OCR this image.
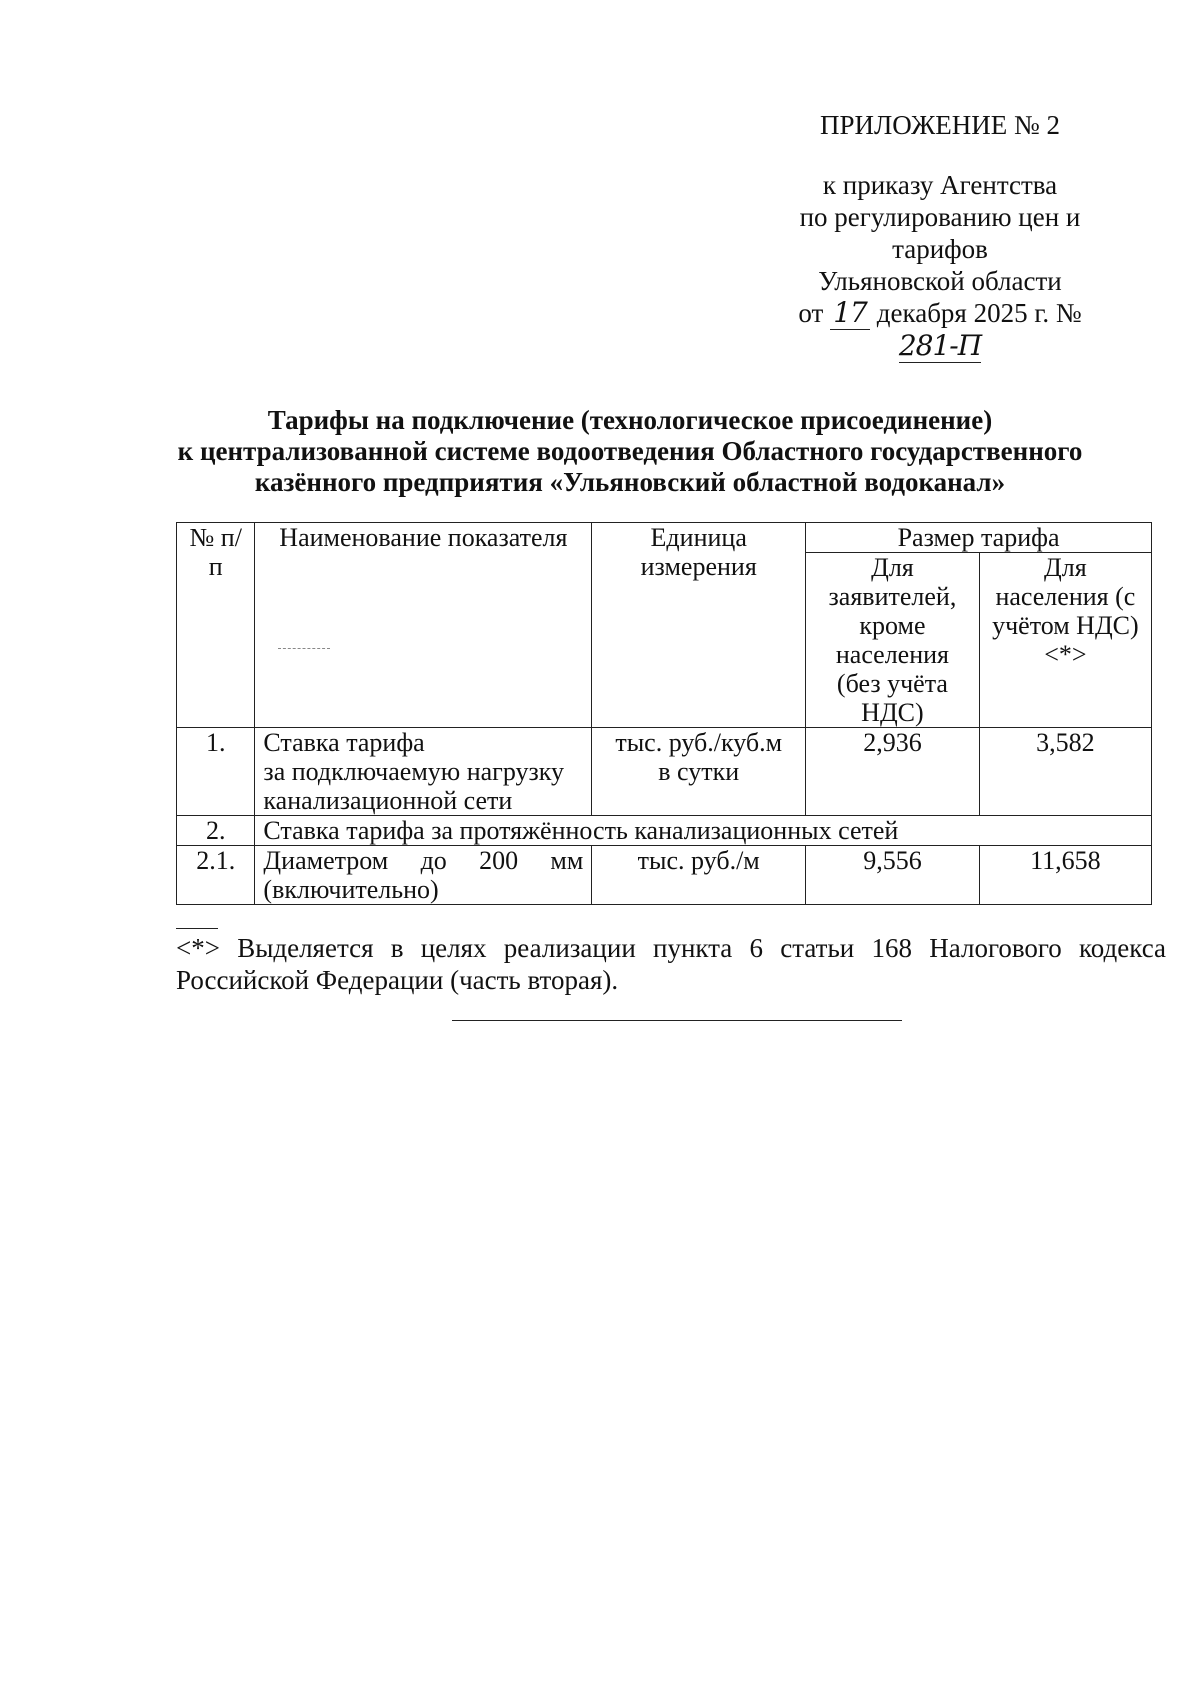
ПРИЛОЖЕНИЕ № 2
к приказу Агентства
по регулированию цен и тарифов
Ульяновской области
от 17 декабря 2025 г. №281-П
Тарифы на подключение (технологическое присоединение)
к централизованной системе водоотведения Областного государственного
казённого предприятия «Ульяновский областной водоканал»
№ п/п	Наименование показателя	Единица измерения	Размер тарифа	
			Для заявителей, кроме населения (без учёта НДС)	Для населения (с учётом НДС) <*>
1.	Ставка тарифа
за подключаемую нагрузку
канализационной сети	тыс. руб./куб.м
в сутки	2,936	3,582
2.	Ставка тарифа за протяжённость канализационных сетей			
2.1.	Диаметром до 200 мм
(включительно)	тыс. руб./м	9,556	11,658
<*> Выделяется в целях реализации пункта 6 статьи 168 Налогового кодекса Российской Федерации (часть вторая).
